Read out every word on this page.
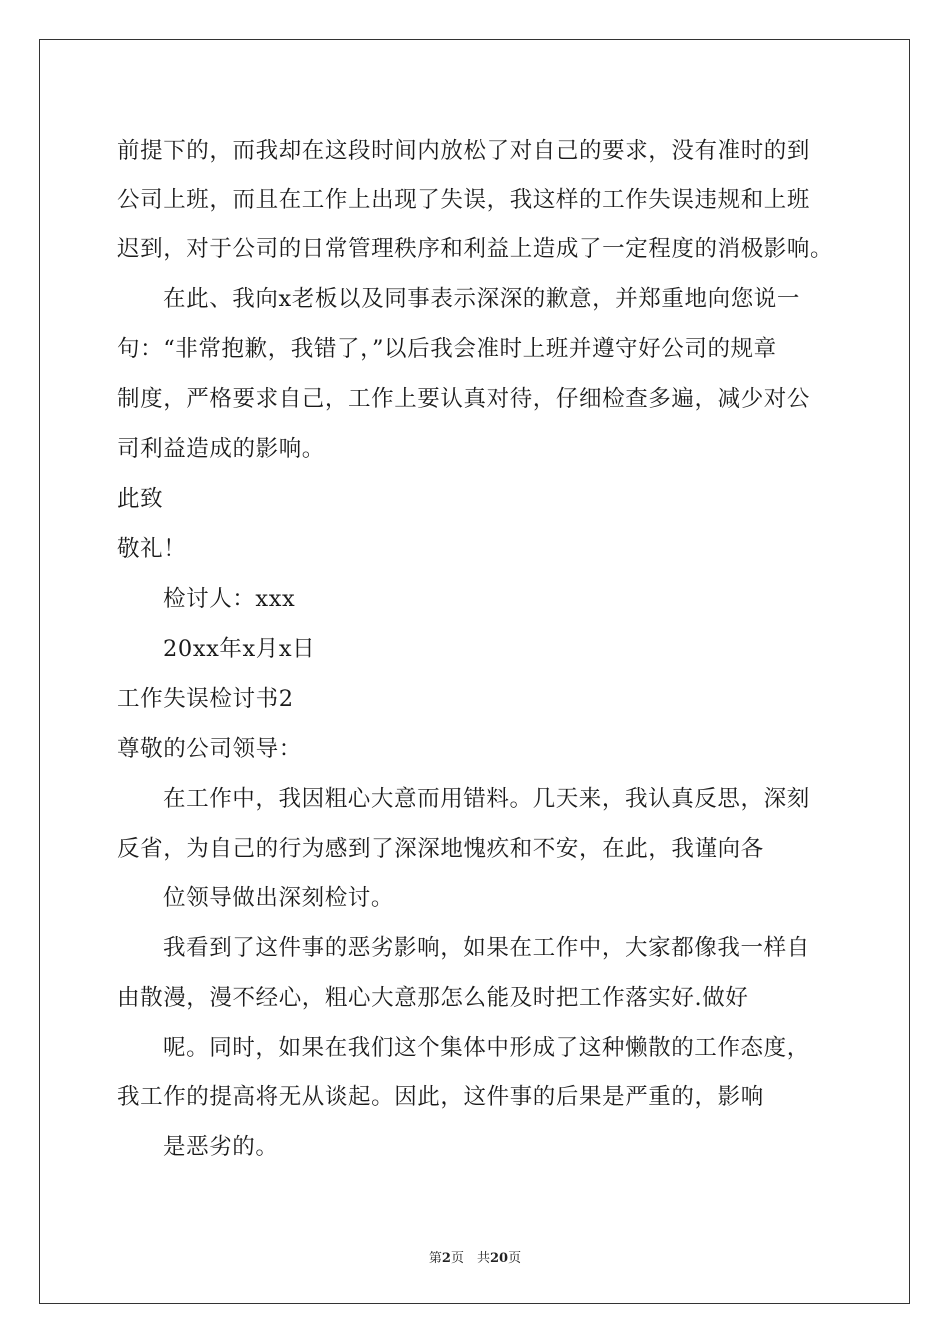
前提下的，而我却在这段时间内放松了对自己的要求，没有准时的到
公司上班，而且在工作上出现了失误，我这样的工作失误违规和上班
迟到，对于公司的日常管理秩序和利益上造成了一定程度的消极影响。
在此、我向x老板以及同事表示深深的歉意，并郑重地向您说一
句：“非常抱歉，我错了，”以后我会准时上班并遵守好公司的规章
制度，严格要求自己，工作上要认真对待，仔细检查多遍，减少对公
司利益造成的影响。
此致
敬礼！
检讨人：xxx
20xx年x月x日
工作失误检讨书2
尊敬的公司领导：
在工作中，我因粗心大意而用错料。几天来，我认真反思，深刻
反省，为自己的行为感到了深深地愧疚和不安，在此，我谨向各
位领导做出深刻检讨。
我看到了这件事的恶劣影响，如果在工作中，大家都像我一样自
由散漫，漫不经心，粗心大意那怎么能及时把工作落实好.做好
呢。同时，如果在我们这个集体中形成了这种懒散的工作态度，
我工作的提高将无从谈起。因此，这件事的后果是严重的，影响
是恶劣的。
第2页　共20页
